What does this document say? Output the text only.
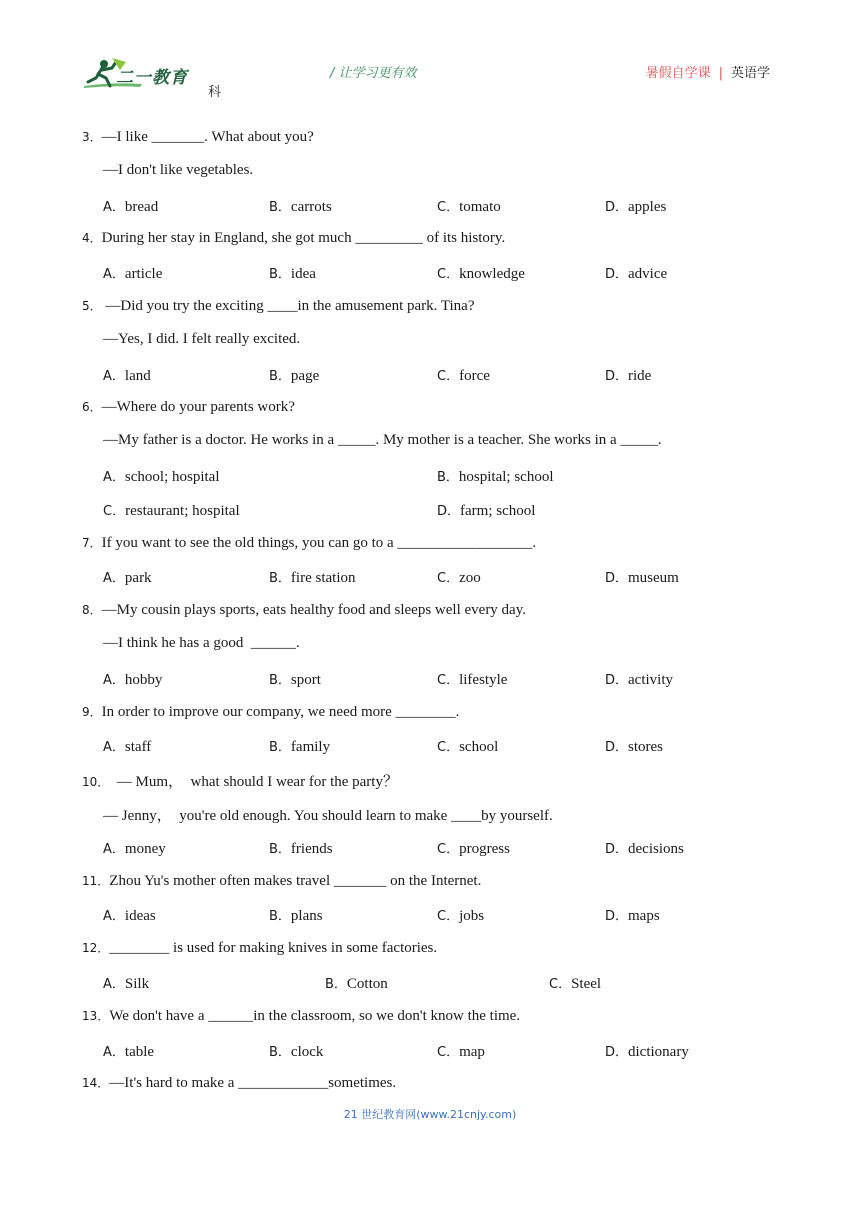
二一教育
科
/ 让学习更有效	暑假自学课 | 英语学
3．—I like _______. What about you?
—I don't like vegetables.
A．bread	B．carrots	C．tomato	D．apples
4．During her stay in England, she got much _________ of its history.
A．article	B．idea	C．knowledge	D．advice
5． —Did you try the exciting ____in the amusement park. Tina?
—Yes, I did. I felt really excited.
A．land	B．page	C．force	D．ride
6．—Where do your parents work?
—My father is a doctor. He works in a _____. My mother is a teacher. She works in a _____.
A．school; hospital	B．hospital; school
C．restaurant; hospital	D．farm; school
7．If you want to see the old things, you can go to a __________________.
A．park	B．fire station	C．zoo	D．museum
8．—My cousin plays sports, eats healthy food and sleeps well every day.
—I think he has a good  ______.
A．hobby	B．sport	C．lifestyle	D．activity
9．In order to improve our company, we need more ________.
A．staff	B．family	C．school	D．stores
10．  — Mum，  what should I wear for the party？
— Jenny，  you're old enough. You should learn to make ____by yourself.
A．money	B．friends	C．progress	D．decisions
11．Zhou Yu's mother often makes travel _______ on the Internet.
A．ideas	B．plans	C．jobs	D．maps
12．________ is used for making knives in some factories.
A．Silk	B．Cotton	C．Steel
13．We don't have a ______in the classroom, so we don't know the time.
A．table	B．clock	C．map	D．dictionary
14．—It's hard to make a ____________sometimes.
21 世纪教育网(www.21cnjy.com)
